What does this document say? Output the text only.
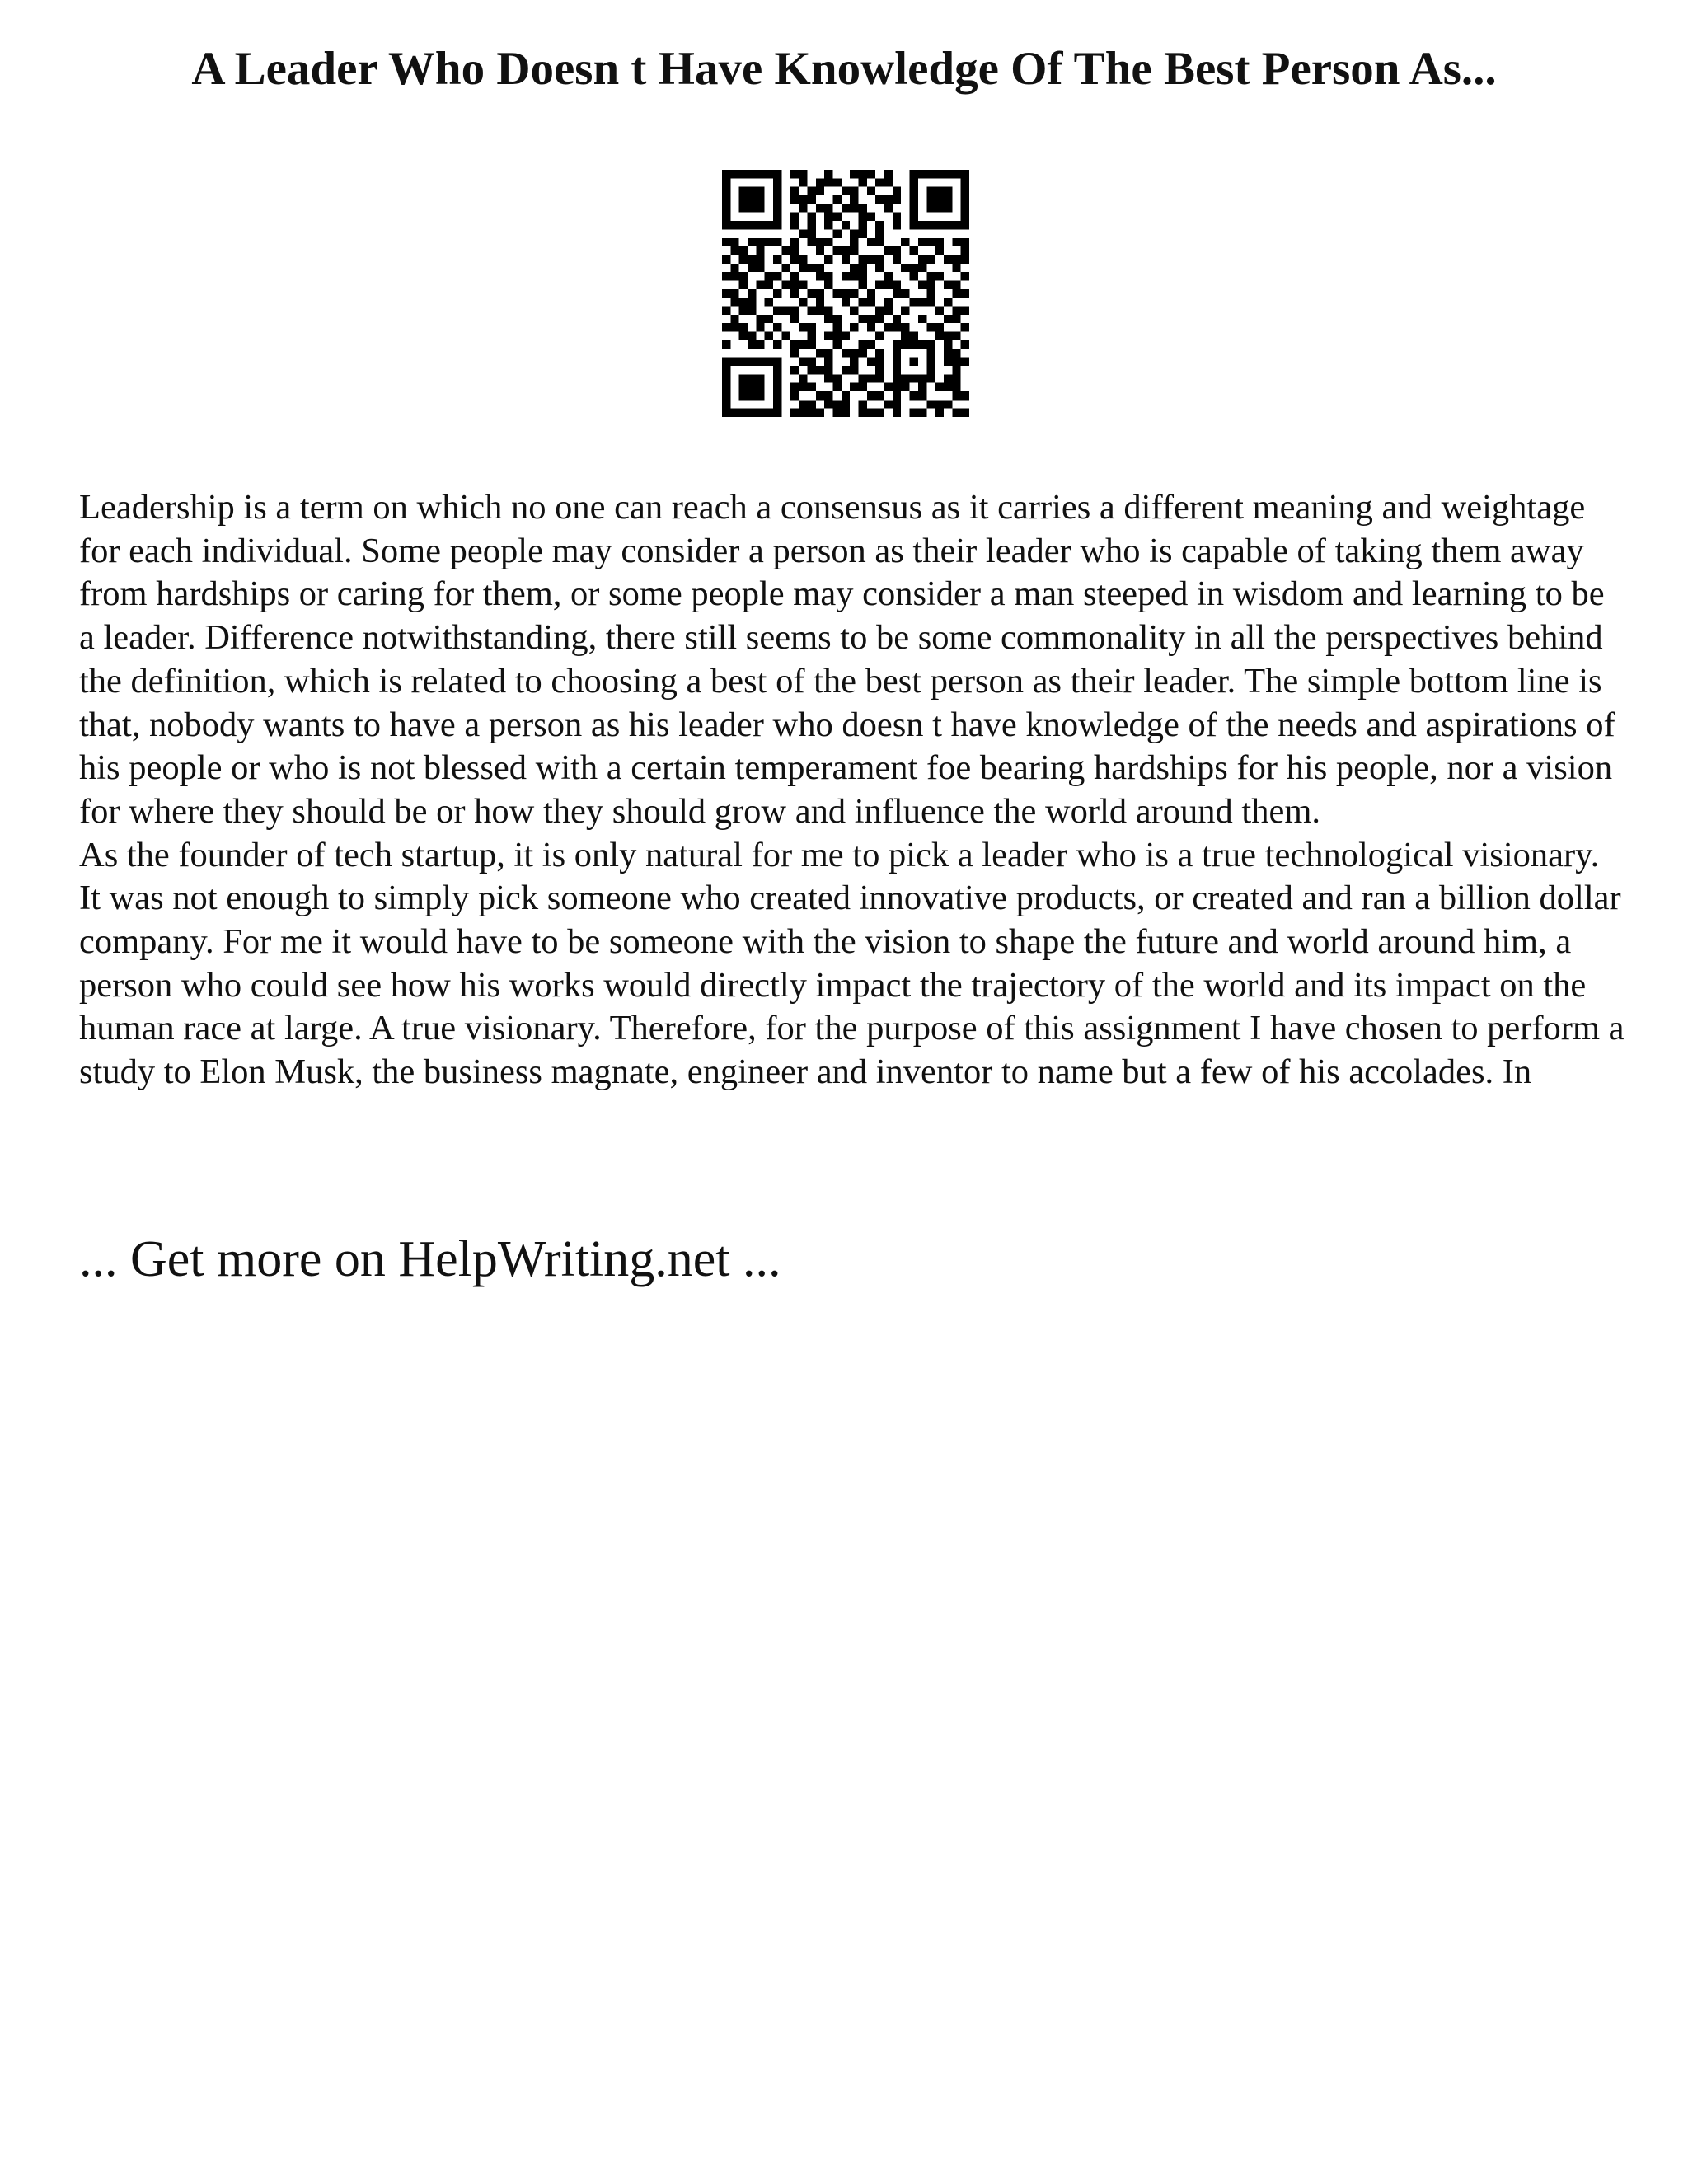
A Leader Who Doesn t Have Knowledge Of The Best Person As...

Leadership is a term on which no one can reach a consensus as it carries a different meaning and weightage for each individual. Some people may consider a person as their leader who is capable of taking them away from hardships or caring for them, or some people may consider a man steeped in wisdom and learning to be a leader. Difference notwithstanding, there still seems to be some commonality in all the perspectives behind the definition, which is related to choosing a best of the best person as their leader. The simple bottom line is that, nobody wants to have a person as his leader who doesn t have knowledge of the needs and aspirations of his people or who is not blessed with a certain temperament foe bearing hardships for his people, nor a vision for where they should be or how they should grow and influence the world around them.

As the founder of tech startup, it is only natural for me to pick a leader who is a true technological visionary. It was not enough to simply pick someone who created innovative products, or created and ran a billion dollar company. For me it would have to be someone with the vision to shape the future and world around him, a person who could see how his works would directly impact the trajectory of the world and its impact on the human race at large. A true visionary. Therefore, for the purpose of this assignment I have chosen to perform a study to Elon Musk, the business magnate, engineer and inventor to name but a few of his accolades. In

... Get more on HelpWriting.net ...
